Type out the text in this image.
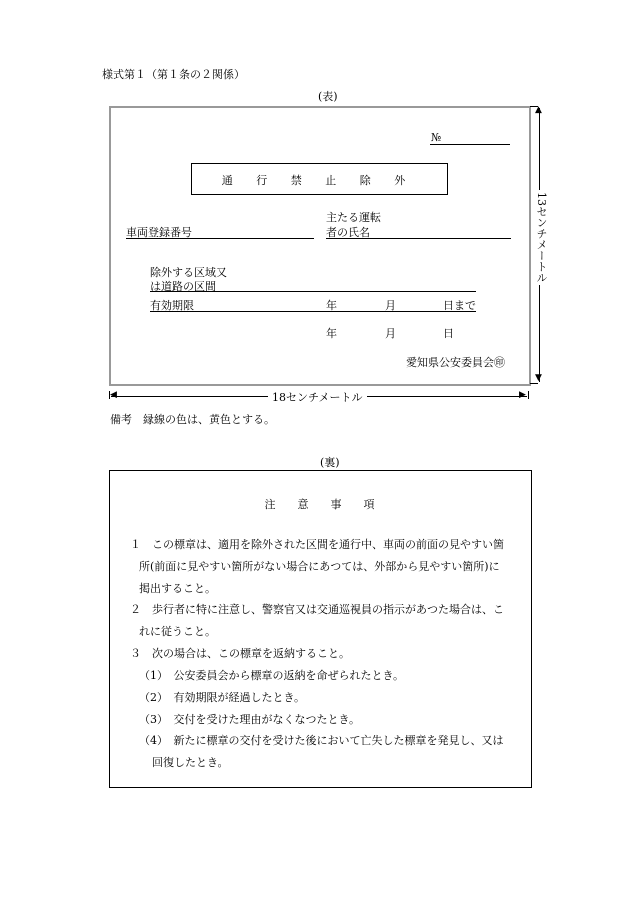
様式第１（第１条の２関係）
(表)
№
通 行 禁 止 除 外
車両登録番号
主たる運転
者の氏名
除外する区域又
は道路の区間
有効期限	年	月	日まで
年	月	日
愛知県公安委員会㊞
▲
▼
13センチメートル
◀	▶
18センチメートル
備考　縁線の色は、黄色とする。
(裏)
注　　意　　事　　項
１　この標章は、適用を除外された区間を通行中、車両の前面の見やすい箇
所(前面に見やすい箇所がない場合にあつては、外部から見やすい箇所)に
掲出すること。
２　歩行者に特に注意し、警察官又は交通巡視員の指示があつた場合は、こ
れに従うこと。
３　次の場合は、この標章を返納すること。
（1）　公安委員会から標章の返納を命ぜられたとき。
（2）　有効期限が経過したとき。
（3）　交付を受けた理由がなくなつたとき。
（4）　新たに標章の交付を受けた後において亡失した標章を発見し、又は
回復したとき。
